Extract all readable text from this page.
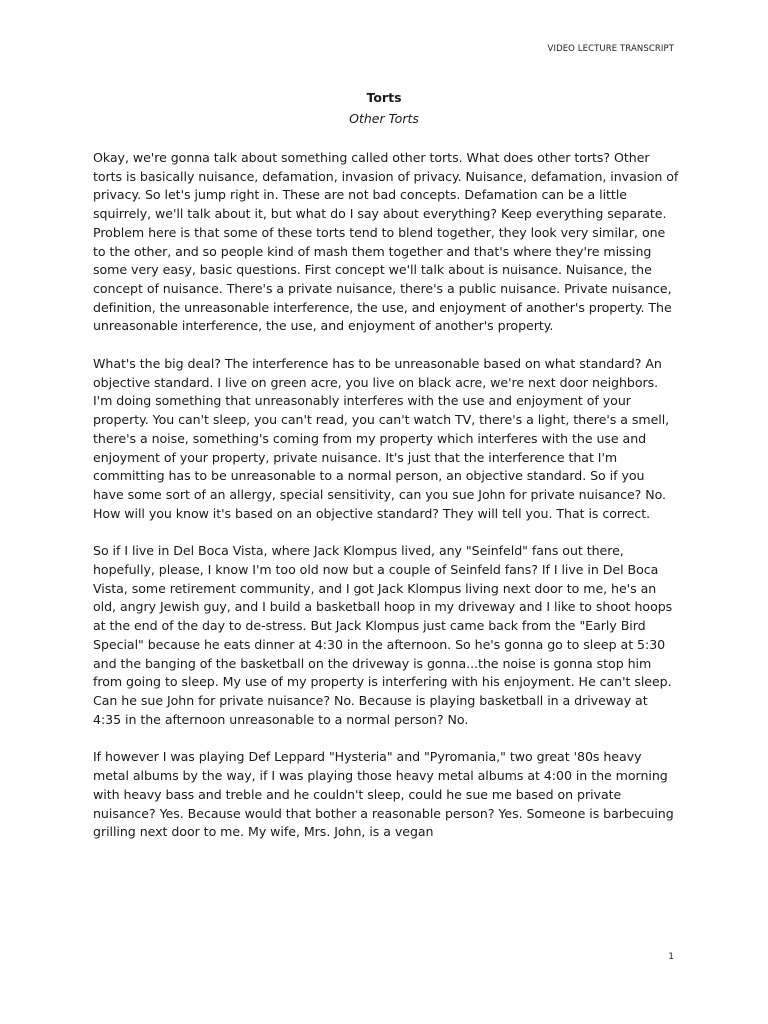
VIDEO LECTURE TRANSCRIPT
Torts
Other Torts

Okay, we're gonna talk about something called other torts. What does other torts? Other torts is basically nuisance, defamation, invasion of privacy. Nuisance, defamation, invasion of privacy. So let's jump right in. These are not bad concepts. Defamation can be a little squirrely, we'll talk about it, but what do I say about everything? Keep everything separate. Problem here is that some of these torts tend to blend together, they look very similar, one to the other, and so people kind of mash them together and that's where they're missing some very easy, basic questions. First concept we'll talk about is nuisance. Nuisance, the concept of nuisance. There's a private nuisance, there's a public nuisance. Private nuisance, definition, the unreasonable interference, the use, and enjoyment of another's property. The unreasonable interference, the use, and enjoyment of another's property.

What's the big deal? The interference has to be unreasonable based on what standard? An objective standard. I live on green acre, you live on black acre, we're next door neighbors. I'm doing something that unreasonably interferes with the use and enjoyment of your property. You can't sleep, you can't read, you can't watch TV, there's a light, there's a smell, there's a noise, something's coming from my property which interferes with the use and enjoyment of your property, private nuisance. It's just that the interference that I'm committing has to be unreasonable to a normal person, an objective standard. So if you have some sort of an allergy, special sensitivity, can you sue John for private nuisance? No. How will you know it's based on an objective standard? They will tell you. That is correct.

So if I live in Del Boca Vista, where Jack Klompus lived, any "Seinfeld" fans out there, hopefully, please, I know I'm too old now but a couple of Seinfeld fans? If I live in Del Boca Vista, some retirement community, and I got Jack Klompus living next door to me, he's an old, angry Jewish guy, and I build a basketball hoop in my driveway and I like to shoot hoops at the end of the day to de-stress. But Jack Klompus just came back from the "Early Bird Special" because he eats dinner at 4:30 in the afternoon. So he's gonna go to sleep at 5:30 and the banging of the basketball on the driveway is gonna...the noise is gonna stop him from going to sleep. My use of my property is interfering with his enjoyment. He can't sleep. Can he sue John for private nuisance? No. Because is playing basketball in a driveway at 4:35 in the afternoon unreasonable to a normal person? No.

If however I was playing Def Leppard "Hysteria" and "Pyromania," two great '80s heavy metal albums by the way, if I was playing those heavy metal albums at 4:00 in the morning with heavy bass and treble and he couldn't sleep, could he sue me based on private nuisance? Yes. Because would that bother a reasonable person? Yes. Someone is barbecuing grilling next door to me. My wife, Mrs. John, is a vegan

1
